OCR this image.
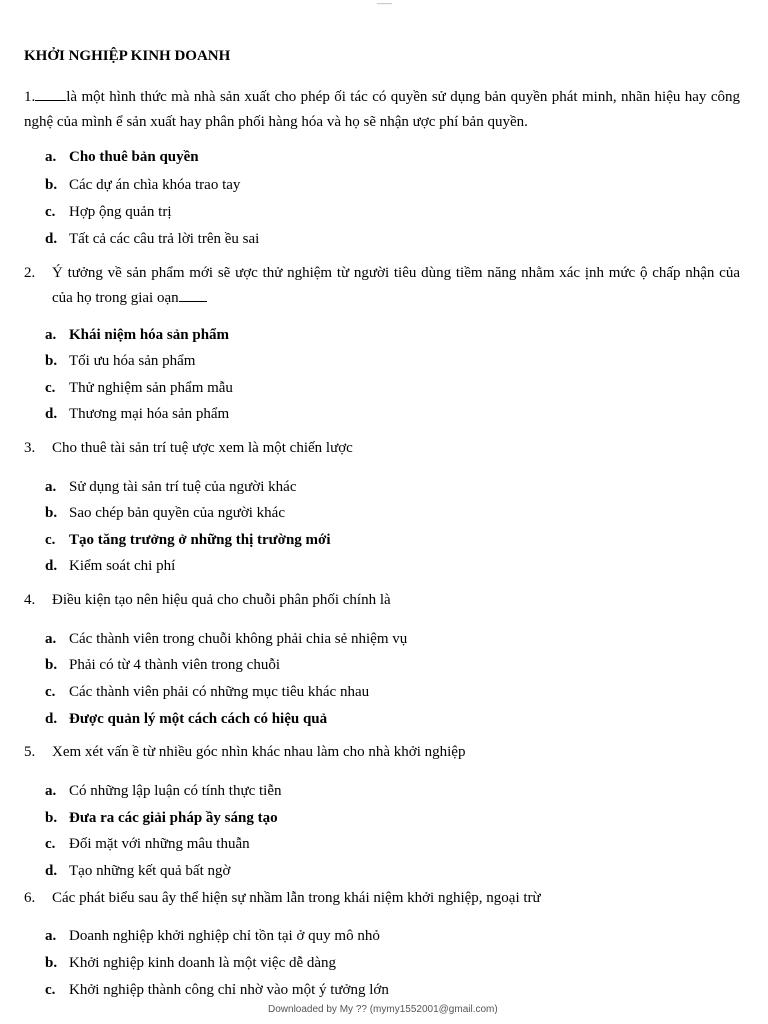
KHỞI NGHIỆP KINH DOANH
1. là một hình thức mà nhà sản xuất cho phép ối tác có quyền sử dụng bản quyền phát minh, nhãn hiệu hay công nghệ của mình ể sản xuất hay phân phối hàng hóa và họ sẽ nhận ược phí bản quyền.
a. Cho thuê bản quyền
b. Các dự án chìa khóa trao tay
c. Hợp ộng quản trị
d. Tất cả các câu trả lời trên ều sai
2. Ý tưởng về sản phẩm mới sẽ ược thử nghiệm từ người tiêu dùng tiềm năng nhằm xác ịnh mức ộ chấp nhận của của họ trong giai oạn
a. Khái niệm hóa sản phẩm
b. Tối ưu hóa sản phẩm
c. Thử nghiệm sản phẩm mẫu
d. Thương mại hóa sản phẩm
3. Cho thuê tài sản trí tuệ ược xem là một chiến lược
a. Sử dụng tài sản trí tuệ của người khác
b. Sao chép bản quyền của người khác
c. Tạo tăng trưởng ở những thị trường mới
d. Kiểm soát chi phí
4. Điều kiện tạo nên hiệu quả cho chuỗi phân phối chính là
a. Các thành viên trong chuỗi không phải chia sẻ nhiệm vụ
b. Phải có từ 4 thành viên trong chuỗi
c. Các thành viên phải có những mục tiêu khác nhau
d. Được quản lý một cách cách có hiệu quả
5. Xem xét vấn ề từ nhiều góc nhìn khác nhau làm cho nhà khởi nghiệp
a. Có những lập luận có tính thực tiễn
b. Đưa ra các giải pháp ầy sáng tạo
c. Đối mặt với những mâu thuẫn
d. Tạo những kết quả bất ngờ
6. Các phát biểu sau ây thể hiện sự nhầm lẫn trong khái niệm khởi nghiệp, ngoại trừ
a. Doanh nghiệp khởi nghiệp chỉ tồn tại ở quy mô nhỏ
b. Khởi nghiệp kinh doanh là một việc dễ dàng
c. Khởi nghiệp thành công chỉ nhờ vào một ý tưởng lớn
Downloaded by My ?? (mymy1552001@gmail.com)
